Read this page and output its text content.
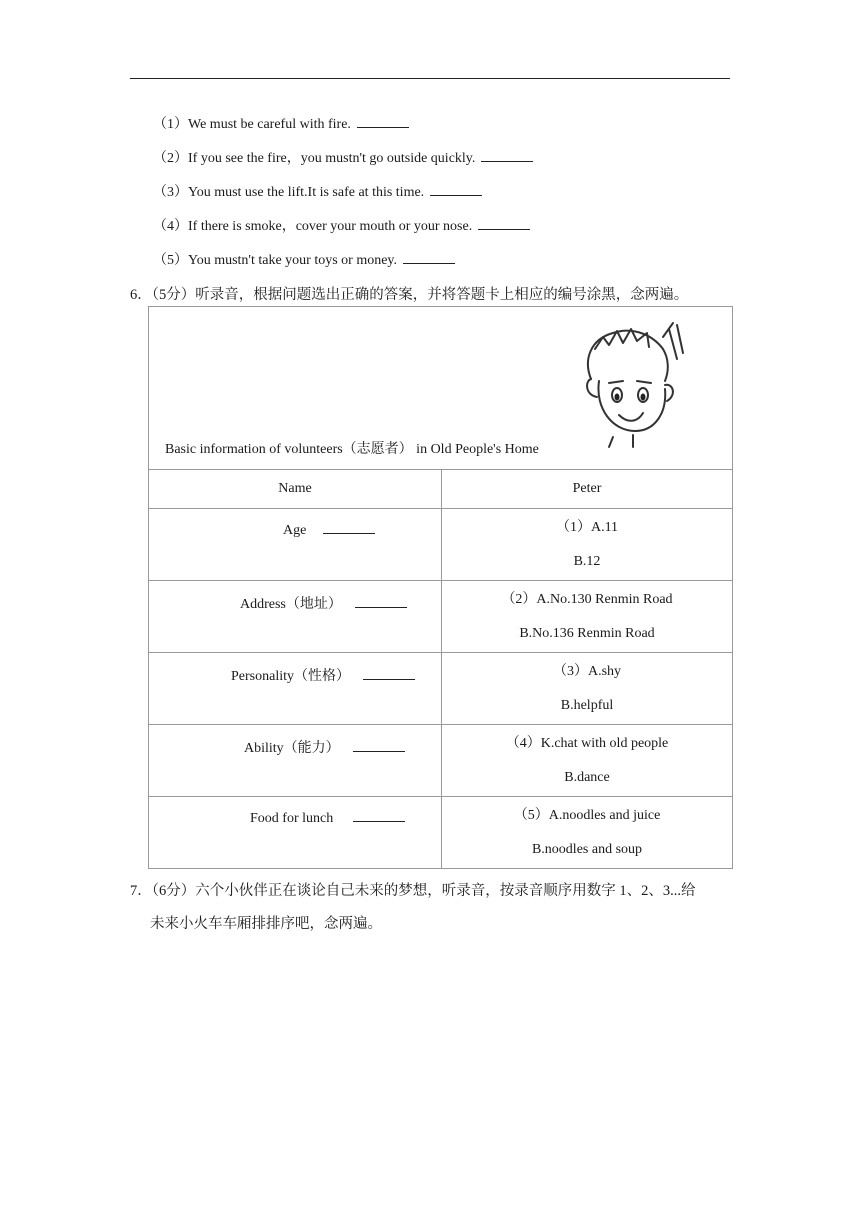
（1）We must be careful with fire.
（2）If you see the fire，you mustn't go outside quickly.
（3）You must use the lift.It is safe at this time.
（4）If there is smoke，cover your mouth or your nose.
（5）You mustn't take your toys or money.
6．（5分）听录音，根据问题选出正确的答案，并将答题卡上相应的编号涂黑，念两遍。
Basic information of volunteers（志愿者） in Old People's Home	

Name	Peter

Age	（1）A.11
B.12

Address（地址）	（2）A.No.130 Renmin Road
B.No.136 Renmin Road

Personality（性格）	（3）A.shy
B.helpful

Ability（能力）	（4）K.chat with old people
B.dance

Food for lunch	（5）A.noodles and juice
B.noodles and soup
7．（6分）六个小伙伴正在谈论自己未来的梦想，听录音，按录音顺序用数字 1、2、3...给
未来小火车车厢排排序吧，念两遍。
